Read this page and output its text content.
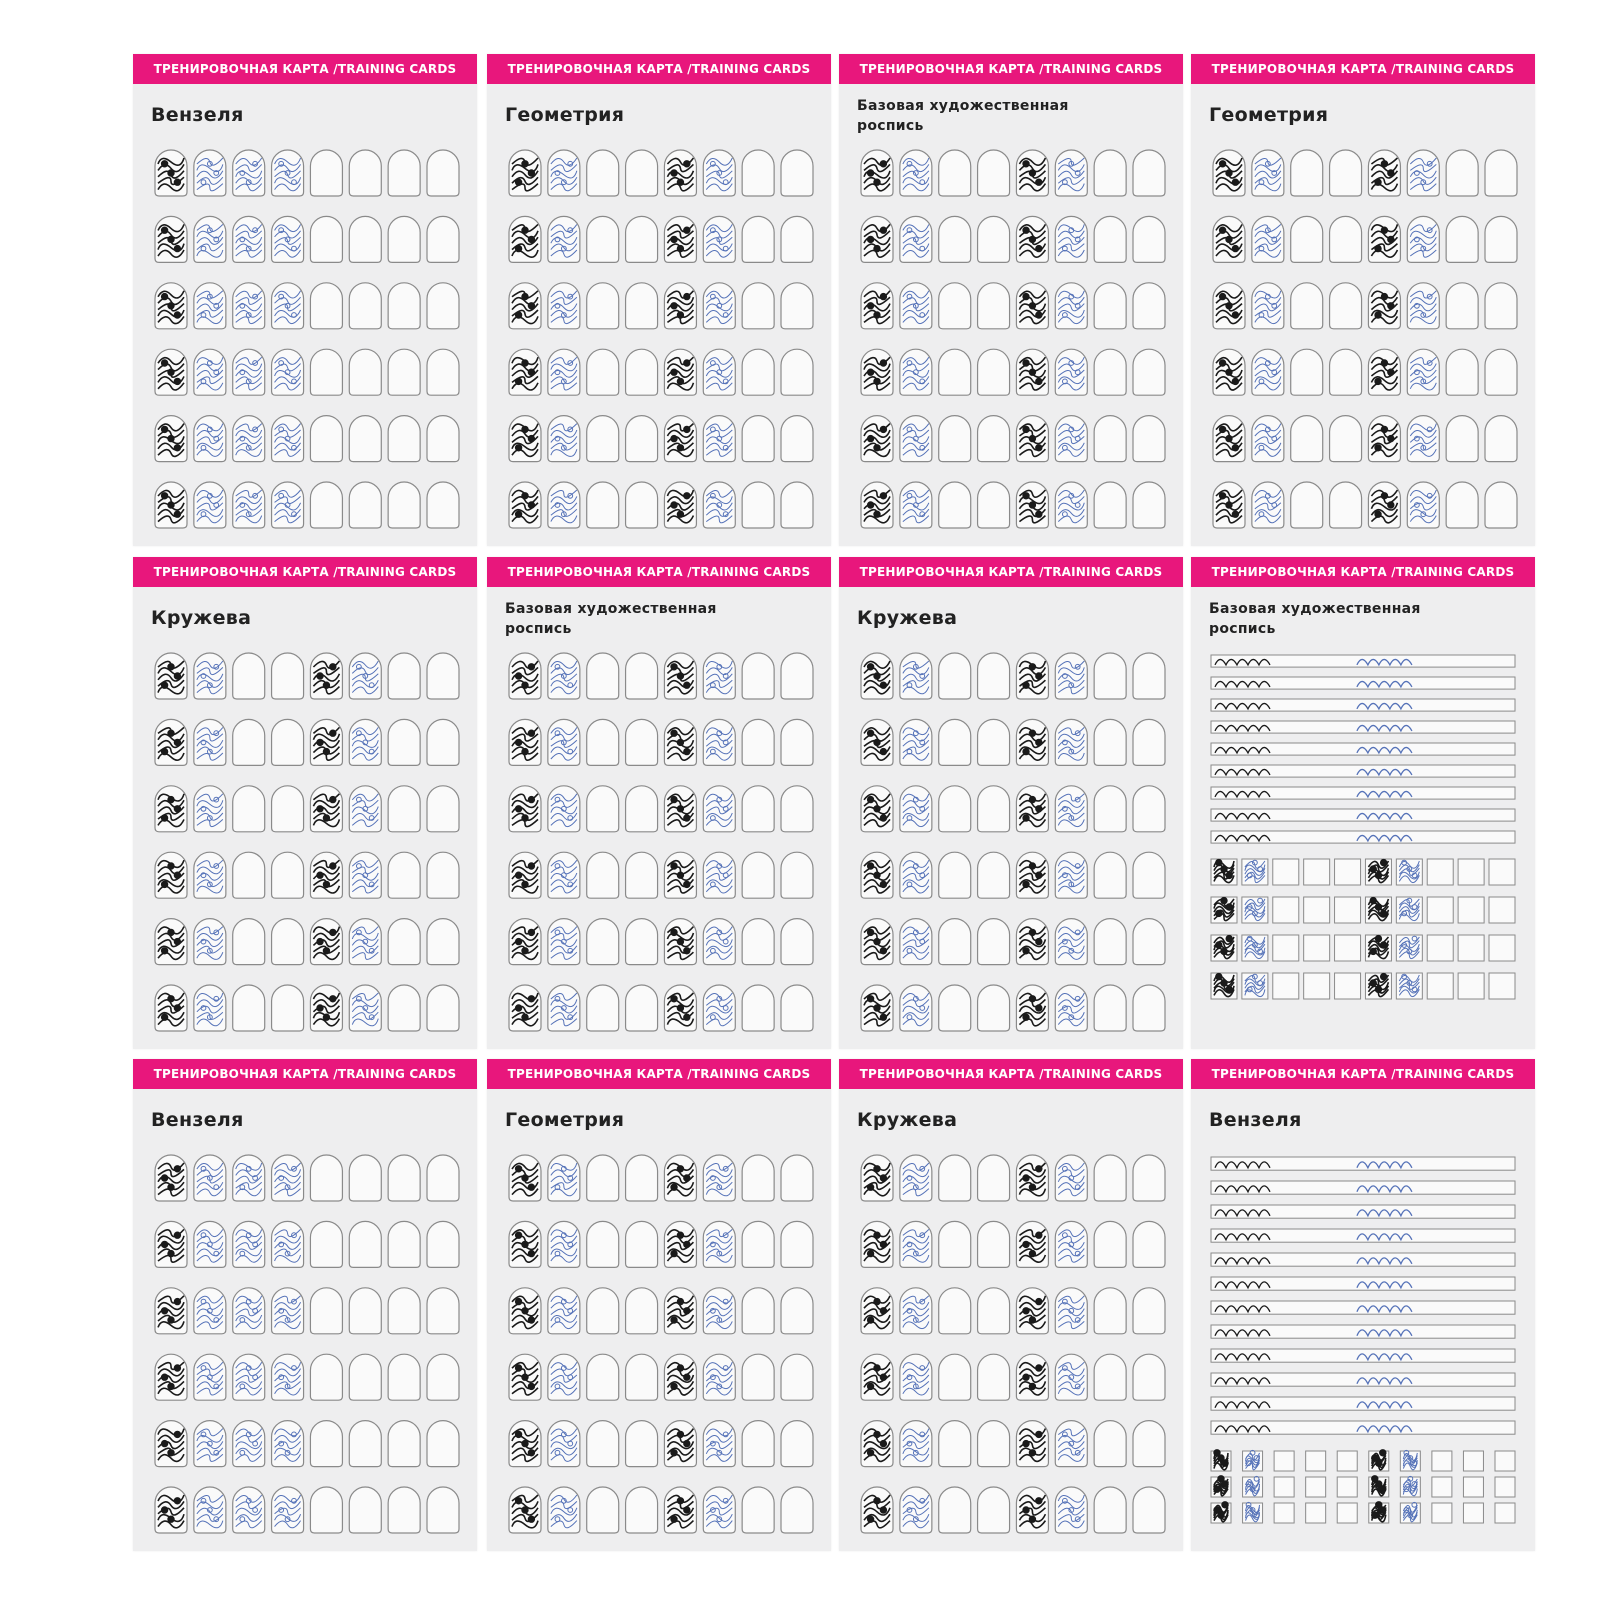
ТРЕНИРОВОЧНАЯ КАРТА /TRAINING CARDS
Вензеля
ТРЕНИРОВОЧНАЯ КАРТА /TRAINING CARDS
Геометрия
ТРЕНИРОВОЧНАЯ КАРТА /TRAINING CARDS
Базовая художественная роспись
ТРЕНИРОВОЧНАЯ КАРТА /TRAINING CARDS
Геометрия
ТРЕНИРОВОЧНАЯ КАРТА /TRAINING CARDS
Кружева
ТРЕНИРОВОЧНАЯ КАРТА /TRAINING CARDS
Базовая художественная роспись
ТРЕНИРОВОЧНАЯ КАРТА /TRAINING CARDS
Кружева
ТРЕНИРОВОЧНАЯ КАРТА /TRAINING CARDS
Базовая художественная роспись
ТРЕНИРОВОЧНАЯ КАРТА /TRAINING CARDS
Вензеля
ТРЕНИРОВОЧНАЯ КАРТА /TRAINING CARDS
Геометрия
ТРЕНИРОВОЧНАЯ КАРТА /TRAINING CARDS
Кружева
ТРЕНИРОВОЧНАЯ КАРТА /TRAINING CARDS
Вензеля
